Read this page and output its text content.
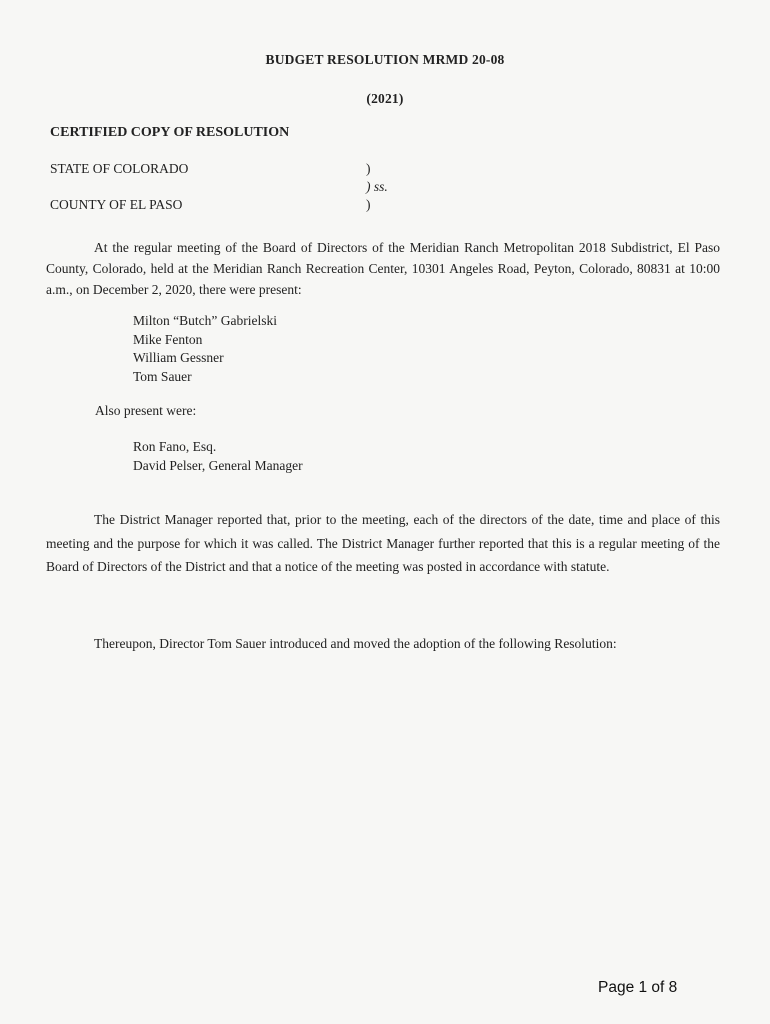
BUDGET RESOLUTION MRMD 20-08
(2021)
CERTIFIED COPY OF RESOLUTION
STATE OF COLORADO
COUNTY OF EL PASO
)
) ss.
)
At the regular meeting of the Board of Directors of the Meridian Ranch Metropolitan 2018 Subdistrict, El Paso County, Colorado, held at the Meridian Ranch Recreation Center, 10301 Angeles Road, Peyton, Colorado, 80831 at 10:00 a.m., on December 2, 2020, there were present:
Milton “Butch” Gabrielski
Mike Fenton
William Gessner
Tom Sauer
Also present were:
Ron Fano, Esq.
David Pelser, General Manager
The District Manager reported that, prior to the meeting, each of the directors of the date, time and place of this meeting and the purpose for which it was called. The District Manager further reported that this is a regular meeting of the Board of Directors of the District and that a notice of the meeting was posted in accordance with statute.
Thereupon, Director Tom Sauer introduced and moved the adoption of the following Resolution:
Page 1 of 8
